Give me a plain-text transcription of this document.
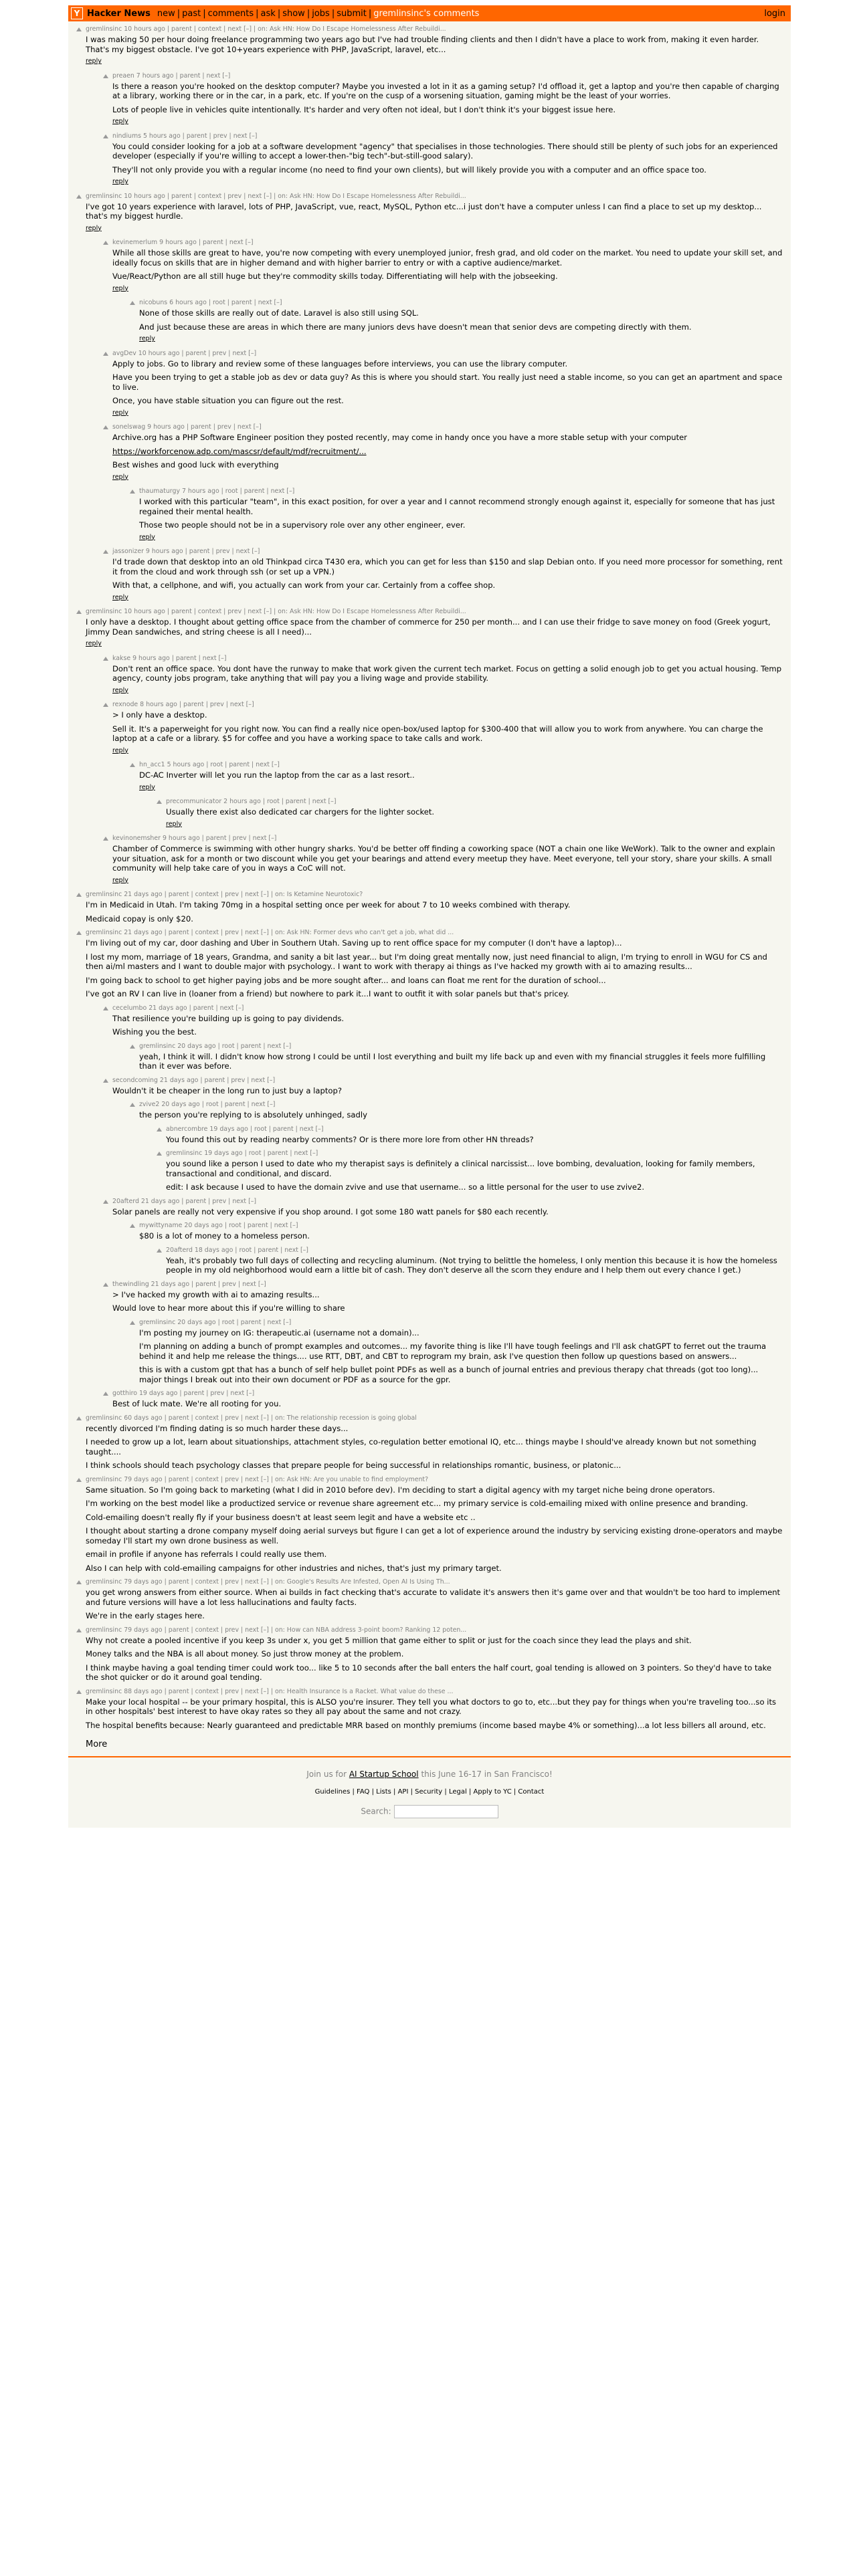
Y Hacker News new | past | comments | ask | show | jobs | submit | gremlinsinc's comments	login
gremlinsinc 10 hours ago | parent | context | next [–] | on: Ask HN: How Do I Escape Homelessness After Rebuildi...

I was making 50 per hour doing freelance programming two years ago but I've had trouble finding clients and then I didn't have a place to work from, making it even harder. That's my biggest obstacle. I've got 10+years experience with PHP, JavaScript, laravel, etc...

reply
preaen 7 hours ago | parent | next [–]

Is there a reason you're hooked on the desktop computer? Maybe you invested a lot in it as a gaming setup? I'd offload it, get a laptop and you're then capable of charging at a library, working there or in the car, in a park, etc. If you're on the cusp of a worsening situation, gaming might be the least of your worries.

Lots of people live in vehicles quite intentionally. It's harder and very often not ideal, but I don't think it's your biggest issue here.

reply
nindiums 5 hours ago | parent | prev | next [–]

You could consider looking for a job at a software development "agency" that specialises in those technologies. There should still be plenty of such jobs for an experienced developer (especially if you're willing to accept a lower-then-"big tech"-but-still-good salary).

They'll not only provide you with a regular income (no need to find your own clients), but will likely provide you with a computer and an office space too.

reply
gremlinsinc 10 hours ago | parent | context | prev | next [–] | on: Ask HN: How Do I Escape Homelessness After Rebuildi...

I've got 10 years experience with laravel, lots of PHP, JavaScript, vue, react, MySQL, Python etc...i just don't have a computer unless I can find a place to set up my desktop... that's my biggest hurdle.

reply
kevinemerlum 9 hours ago | parent | next [–]

While all those skills are great to have, you're now competing with every unemployed junior, fresh grad, and old coder on the market. You need to update your skill set, and ideally focus on skills that are in higher demand and with higher barrier to entry or with a captive audience/market.

Vue/React/Python are all still huge but they're commodity skills today. Differentiating will help with the jobseeking.

reply
nicobuns 6 hours ago | root | parent | next [–]

None of those skills are really out of date. Laravel is also still using SQL.

And just because these are areas in which there are many juniors devs have doesn't mean that senior devs are competing directly with them.

reply
avgDev 10 hours ago | parent | prev | next [–]

Apply to jobs. Go to library and review some of these languages before interviews, you can use the library computer.

Have you been trying to get a stable job as dev or data guy? As this is where you should start. You really just need a stable income, so you can get an apartment and space to live.

Once, you have stable situation you can figure out the rest.

reply
sonelswag 9 hours ago | parent | prev | next [–]

Archive.org has a PHP Software Engineer position they posted recently, may come in handy once you have a more stable setup with your computer

https://workforcenow.adp.com/mascsr/default/mdf/recruitment/...

Best wishes and good luck with everything

reply
thaumaturgy 7 hours ago | root | parent | next [–]

I worked with this particular "team", in this exact position, for over a year and I cannot recommend strongly enough against it, especially for someone that has just regained their mental health.

Those two people should not be in a supervisory role over any other engineer, ever.

reply
jassonizer 9 hours ago | parent | prev | next [–]

I'd trade down that desktop into an old Thinkpad circa T430 era, which you can get for less than $150 and slap Debian onto. If you need more processor for something, rent it from the cloud and work through ssh (or set up a VPN.)

With that, a cellphone, and wifi, you actually can work from your car. Certainly from a coffee shop.

reply
gremlinsinc 10 hours ago | parent | context | prev | next [–] | on: Ask HN: How Do I Escape Homelessness After Rebuildi...

I only have a desktop. I thought about getting office space from the chamber of commerce for 250 per month... and I can use their fridge to save money on food (Greek yogurt, Jimmy Dean sandwiches, and string cheese is all I need)...

reply
kakse 9 hours ago | parent | next [–]

Don't rent an office space. You dont have the runway to make that work given the current tech market. Focus on getting a solid enough job to get you actual housing. Temp agency, county jobs program, take anything that will pay you a living wage and provide stability.

reply
rexnode 8 hours ago | parent | prev | next [–]

> I only have a desktop.

Sell it. It's a paperweight for you right now. You can find a really nice open-box/used laptop for $300-400 that will allow you to work from anywhere. You can charge the laptop at a cafe or a library. $5 for coffee and you have a working space to take calls and work.

reply
hn_acc1 5 hours ago | root | parent | next [–]

DC-AC Inverter will let you run the laptop from the car as a last resort..

reply
precommunicator 2 hours ago | root | parent | next [–]

Usually there exist also dedicated car chargers for the lighter socket.

reply
kevinonemsher 9 hours ago | parent | prev | next [–]

Chamber of Commerce is swimming with other hungry sharks. You'd be better off finding a coworking space (NOT a chain one like WeWork). Talk to the owner and explain your situation, ask for a month or two discount while you get your bearings and attend every meetup they have. Meet everyone, tell your story, share your skills. A small community will help take care of you in ways a CoC will not.

reply
gremlinsinc 21 days ago | parent | context | prev | next [–] | on: Is Ketamine Neurotoxic?

I'm in Medicaid in Utah. I'm taking 70mg in a hospital setting once per week for about 7 to 10 weeks combined with therapy.

Medicaid copay is only $20.

gremlinsinc 21 days ago | parent | context | prev | next [–] | on: Ask HN: Former devs who can't get a job, what did ...

I'm living out of my car, door dashing and Uber in Southern Utah. Saving up to rent office space for my computer (I don't have a laptop)...

I lost my mom, marriage of 18 years, Grandma, and sanity a bit last year... but I'm doing great mentally now, just need financial to align, I'm trying to enroll in WGU for CS and then ai/ml masters and I want to double major with psychology.. I want to work with therapy ai things as I've hacked my growth with ai to amazing results...

I'm going back to school to get higher paying jobs and be more sought after... and loans can float me rent for the duration of school...

I've got an RV I can live in (loaner from a friend) but nowhere to park it...I want to outfit it with solar panels but that's pricey.

cecelumbo 21 days ago | parent | next [–]

That resilience you're building up is going to pay dividends.

Wishing you the best.

gremlinsinc 20 days ago | root | parent | next [–]

yeah, I think it will. I didn't know how strong I could be until I lost everything and built my life back up and even with my financial struggles it feels more fulfilling than it ever was before.

secondcoming 21 days ago | parent | prev | next [–]

Wouldn't it be cheaper in the long run to just buy a laptop?

zvive2 20 days ago | root | parent | next [–]

the person you're replying to is absolutely unhinged, sadly

abnercombre 19 days ago | root | parent | next [–]

You found this out by reading nearby comments? Or is there more lore from other HN threads?

gremlinsinc 19 days ago | root | parent | next [–]

you sound like a person I used to date who my therapist says is definitely a clinical narcissist... love bombing, devaluation, looking for family members, transactional and conditional, and discard.

edit: I ask because I used to have the domain zvive and use that username... so a little personal for the user to use zvive2.

20afterd 21 days ago | parent | prev | next [–]

Solar panels are really not very expensive if you shop around. I got some 180 watt panels for $80 each recently.

mywittyname 20 days ago | root | parent | next [–]

$80 is a lot of money to a homeless person.

20afterd 18 days ago | root | parent | next [–]

Yeah, it's probably two full days of collecting and recycling aluminum. (Not trying to belittle the homeless, I only mention this because it is how the homeless people in my old neighborhood would earn a little bit of cash. They don't deserve all the scorn they endure and I help them out every chance I get.)

thewindling 21 days ago | parent | prev | next [–]

> I've hacked my growth with ai to amazing results...

Would love to hear more about this if you're willing to share

gremlinsinc 20 days ago | root | parent | next [–]

I'm posting my journey on IG: therapeutic.ai (username not a domain)...

I'm planning on adding a bunch of prompt examples and outcomes... my favorite thing is like I'll have tough feelings and I'll ask chatGPT to ferret out the trauma behind it and help me release the things.... use RTT, DBT, and CBT to reprogram my brain, ask I've question then follow up questions based on answers...

this is with a custom gpt that has a bunch of self help bullet point PDFs as well as a bunch of journal entries and previous therapy chat threads (got too long)... major things I break out into their own document or PDF as a source for the gpr.

gotthiro 19 days ago | parent | prev | next [–]

Best of luck mate. We're all rooting for you.

gremlinsinc 60 days ago | parent | context | prev | next [–] | on: The relationship recession is going global

recently divorced I'm finding dating is so much harder these days...

I needed to grow up a lot, learn about situationships, attachment styles, co-regulation better emotional IQ, etc... things maybe I should've already known but not something taught....

I think schools should teach psychology classes that prepare people for being successful in relationships romantic, business, or platonic...

gremlinsinc 79 days ago | parent | context | prev | next [–] | on: Ask HN: Are you unable to find employment?

Same situation. So I'm going back to marketing (what I did in 2010 before dev). I'm deciding to start a digital agency with my target niche being drone operators.

I'm working on the best model like a productized service or revenue share agreement etc... my primary service is cold-emailing mixed with online presence and branding.

Cold-emailing doesn't really fly if your business doesn't at least seem legit and have a website etc ..

I thought about starting a drone company myself doing aerial surveys but figure I can get a lot of experience around the industry by servicing existing drone-operators and maybe someday I'll start my own drone business as well.

email in profile if anyone has referrals I could really use them.

Also I can help with cold-emailing campaigns for other industries and niches, that's just my primary target.

gremlinsinc 79 days ago | parent | context | prev | next [–] | on: Google's Results Are Infested, Open AI Is Using Th...

you get wrong answers from either source. When ai builds in fact checking that's accurate to validate it's answers then it's game over and that wouldn't be too hard to implement and future versions will have a lot less hallucinations and faulty facts.

We're in the early stages here.

gremlinsinc 79 days ago | parent | context | prev | next [–] | on: How can NBA address 3-point boom? Ranking 12 poten...

Why not create a pooled incentive if you keep 3s under x, you get 5 million that game either to split or just for the coach since they lead the plays and shit.

Money talks and the NBA is all about money. So just throw money at the problem.

I think maybe having a goal tending timer could work too... like 5 to 10 seconds after the ball enters the half court, goal tending is allowed on 3 pointers. So they'd have to take the shot quicker or do it around goal tending.

gremlinsinc 88 days ago | parent | context | prev | next [–] | on: Health Insurance Is a Racket. What value do these ...

Make your local hospital -- be your primary hospital, this is ALSO you're insurer. They tell you what doctors to go to, etc...but they pay for things when you're traveling too...so its in other hospitals' best interest to have okay rates so they all pay about the same and not crazy.

The hospital benefits because: Nearly guaranteed and predictable MRR based on monthly premiums (income based maybe 4% or something)...a lot less billers all around, etc.

More
Join us for AI Startup School this June 16-17 in San Francisco!
Guidelines | FAQ | Lists | API | Security | Legal | Apply to YC | Contact
Search:
